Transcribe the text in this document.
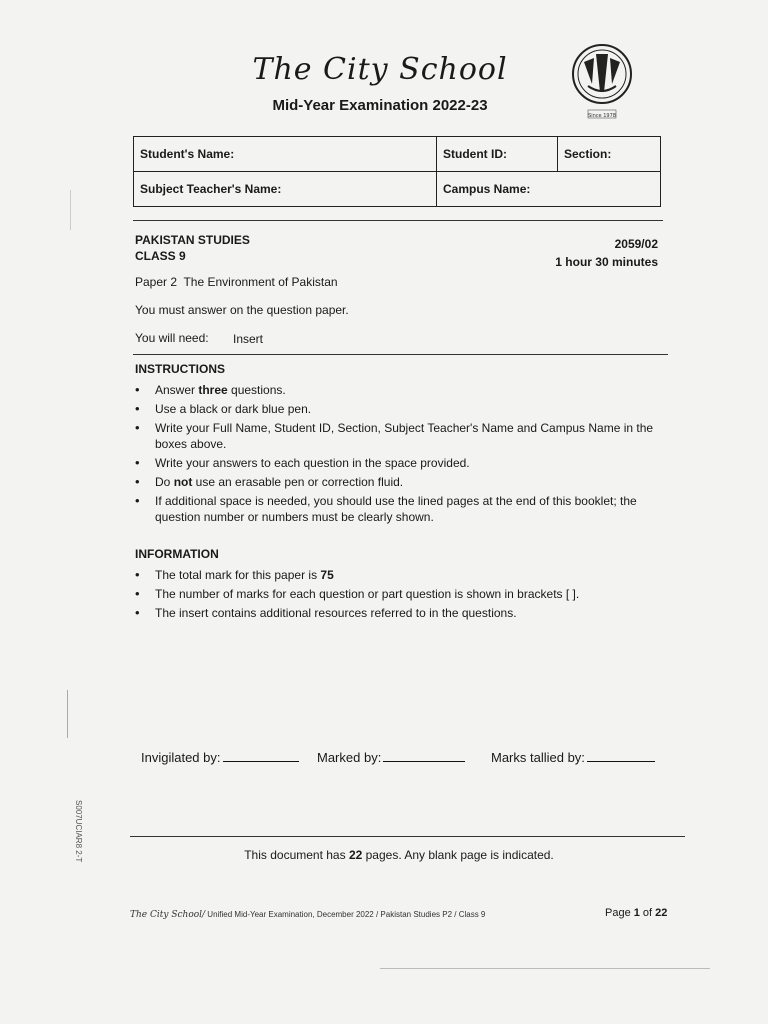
The City School
Mid-Year Examination 2022-23
Since 1978
Student's Name:	Student ID:	Section:
Subject Teacher's Name:	Campus Name:	
PAKISTAN STUDIES
CLASS 9
2059/02
1 hour 30 minutes
Paper 2  The Environment of Pakistan
You must answer on the question paper.
You will need: Insert
INSTRUCTIONS
• Answer three questions.
• Use a black or dark blue pen.
• Write your Full Name, Student ID, Section, Subject Teacher's Name and Campus Name in the boxes above.
• Write your answers to each question in the space provided.
• Do not use an erasable pen or correction fluid.
• If additional space is needed, you should use the lined pages at the end of this booklet; the question number or numbers must be clearly shown.
INFORMATION
• The total mark for this paper is 75
• The number of marks for each question or part question is shown in brackets [ ].
• The insert contains additional resources referred to in the questions.
Invigilated by:	Marked by:	Marks tallied by:
This document has 22 pages. Any blank page is indicated.
The City School/ Unified Mid-Year Examination, December 2022 / Pakistan Studies P2 / Class 9	Page 1 of 22
S007UCIAR8 2-T
